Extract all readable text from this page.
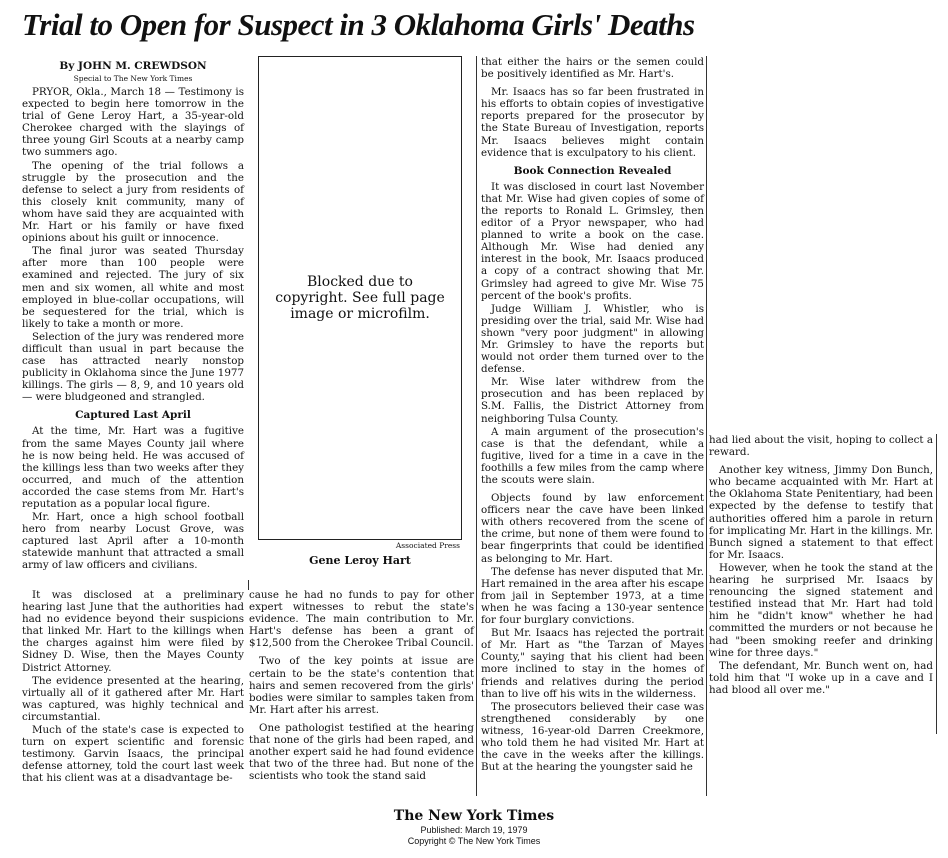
Trial to Open for Suspect in 3 Oklahoma Girls' Deaths
By JOHN M. CREWDSON
Special to The New York Times

PRYOR, Okla., March 18 — Testimony is expected to begin here tomorrow in the trial of Gene Leroy Hart, a 35-year-old Cherokee charged with the slayings of three young Girl Scouts at a nearby camp two summers ago.

The opening of the trial follows a struggle by the prosecution and the defense to select a jury from residents of this closely knit community, many of whom have said they are acquainted with Mr. Hart or his family or have fixed opinions about his guilt or innocence.

The final juror was seated Thursday after more than 100 people were examined and rejected. The jury of six men and six women, all white and most employed in blue-collar occupations, will be sequestered for the trial, which is likely to take a month or more.

Selection of the jury was rendered more difficult than usual in part because the case has attracted nearly nonstop publicity in Oklahoma since the June 1977 killings. The girls — 8, 9, and 10 years old — were bludgeoned and strangled.

Captured Last April

At the time, Mr. Hart was a fugitive from the same Mayes County jail where he is now being held. He was accused of the killings less than two weeks after they occurred, and much of the attention accorded the case stems from Mr. Hart's reputation as a popular local figure.

Mr. Hart, once a high school football hero from nearby Locust Grove, was captured last April after a 10-month statewide manhunt that attracted a small army of law officers and civilians.

Blocked due to copyright. See full page image or microfilm.
Associated Press
Gene Leroy Hart

It was disclosed at a preliminary hearing last June that the authorities had had no evidence beyond their suspicions that linked Mr. Hart to the killings when the charges against him were filed by Sidney D. Wise, then the Mayes County District Attorney.

The evidence presented at the hearing, virtually all of it gathered after Mr. Hart was captured, was highly technical and circumstantial.

Much of the state's case is expected to turn on expert scientific and forensic testimony. Garvin Isaacs, the principal defense attorney, told the court last week that his client was at a disadvantage be-

cause he had no funds to pay for other expert witnesses to rebut the state's evidence. The main contribution to Mr. Hart's defense has been a grant of $12,500 from the Cherokee Tribal Council.

Two of the key points at issue are certain to be the state's contention that hairs and semen recovered from the girls' bodies were similar to samples taken from Mr. Hart after his arrest.

One pathologist testified at the hearing that none of the girls had been raped, and another expert said he had found evidence that two of the three had. But none of the scientists who took the stand said

that either the hairs or the semen could be positively identified as Mr. Hart's.

Mr. Isaacs has so far been frustrated in his efforts to obtain copies of investigative reports prepared for the prosecutor by the State Bureau of Investigation, reports Mr. Isaacs believes might contain evidence that is exculpatory to his client.

Book Connection Revealed

It was disclosed in court last November that Mr. Wise had given copies of some of the reports to Ronald L. Grimsley, then editor of a Pryor newspaper, who had planned to write a book on the case. Although Mr. Wise had denied any interest in the book, Mr. Isaacs produced a copy of a contract showing that Mr. Grimsley had agreed to give Mr. Wise 75 percent of the book's profits.

Judge William J. Whistler, who is presiding over the trial, said Mr. Wise had shown "very poor judgment" in allowing Mr. Grimsley to have the reports but would not order them turned over to the defense.

Mr. Wise later withdrew from the prosecution and has been replaced by S.M. Fallis, the District Attorney from neighboring Tulsa County.

A main argument of the prosecution's case is that the defendant, while a fugitive, lived for a time in a cave in the foothills a few miles from the camp where the scouts were slain.

Objects found by law enforcement officers near the cave have been linked with others recovered from the scene of the crime, but none of them were found to bear fingerprints that could be identified as belonging to Mr. Hart.

The defense has never disputed that Mr. Hart remained in the area after his escape from jail in September 1973, at a time when he was facing a 130-year sentence for four burglary convictions.

But Mr. Isaacs has rejected the portrait of Mr. Hart as "the Tarzan of Mayes County," saying that his client had been more inclined to stay in the homes of friends and relatives during the period than to live off his wits in the wilderness.

The prosecutors believed their case was strengthened considerably by one witness, 16-year-old Darren Creekmore, who told them he had visited Mr. Hart at the cave in the weeks after the killings. But at the hearing the youngster said he

had lied about the visit, hoping to collect a reward.

Another key witness, Jimmy Don Bunch, who became acquainted with Mr. Hart at the Oklahoma State Penitentiary, had been expected by the defense to testify that authorities offered him a parole in return for implicating Mr. Hart in the killings. Mr. Bunch signed a statement to that effect for Mr. Isaacs.

However, when he took the stand at the hearing he surprised Mr. Isaacs by renouncing the signed statement and testified instead that Mr. Hart had told him he "didn't know" whether he had committed the murders or not because he had "been smoking reefer and drinking wine for three days."

The defendant, Mr. Bunch went on, had told him that "I woke up in a cave and I had blood all over me."

The New York Times
Published: March 19, 1979
Copyright © The New York Times
